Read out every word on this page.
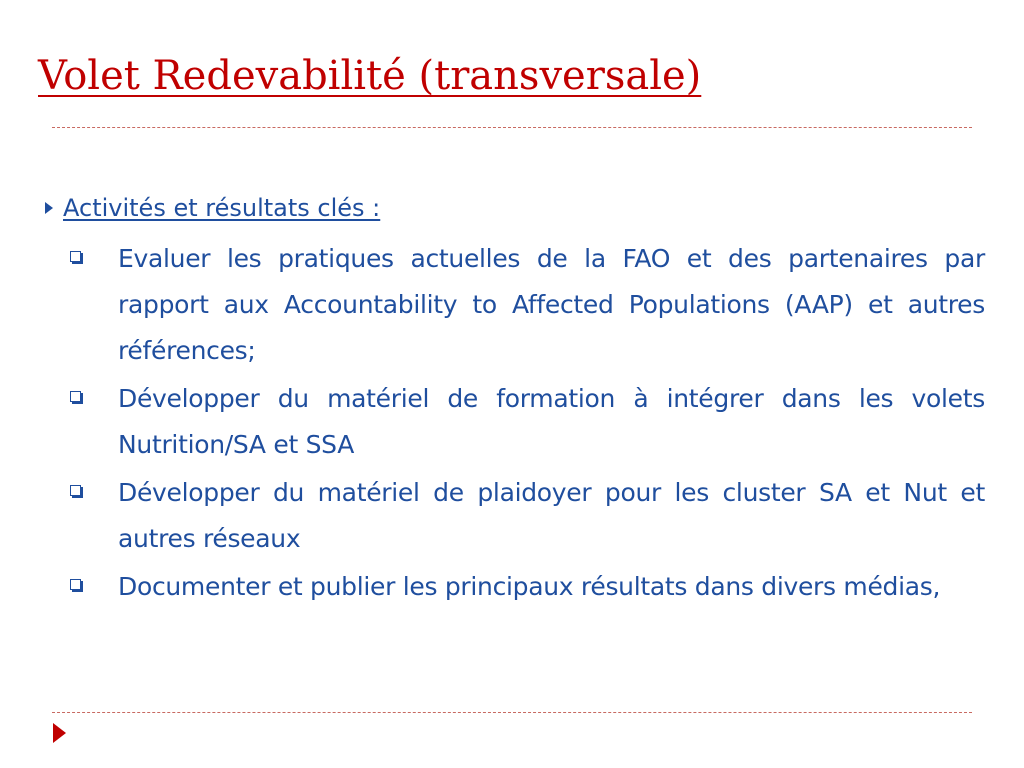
Volet Redevabilité (transversale)
Activités et résultats clés :
Evaluer les pratiques actuelles de la FAO et des partenaires par rapport aux Accountability to Affected Populations (AAP) et autres références;
Développer du matériel de formation à intégrer dans les volets Nutrition/SA et SSA
Développer du matériel de plaidoyer pour les cluster SA et Nut et autres réseaux
Documenter et publier les principaux résultats dans divers médias,
